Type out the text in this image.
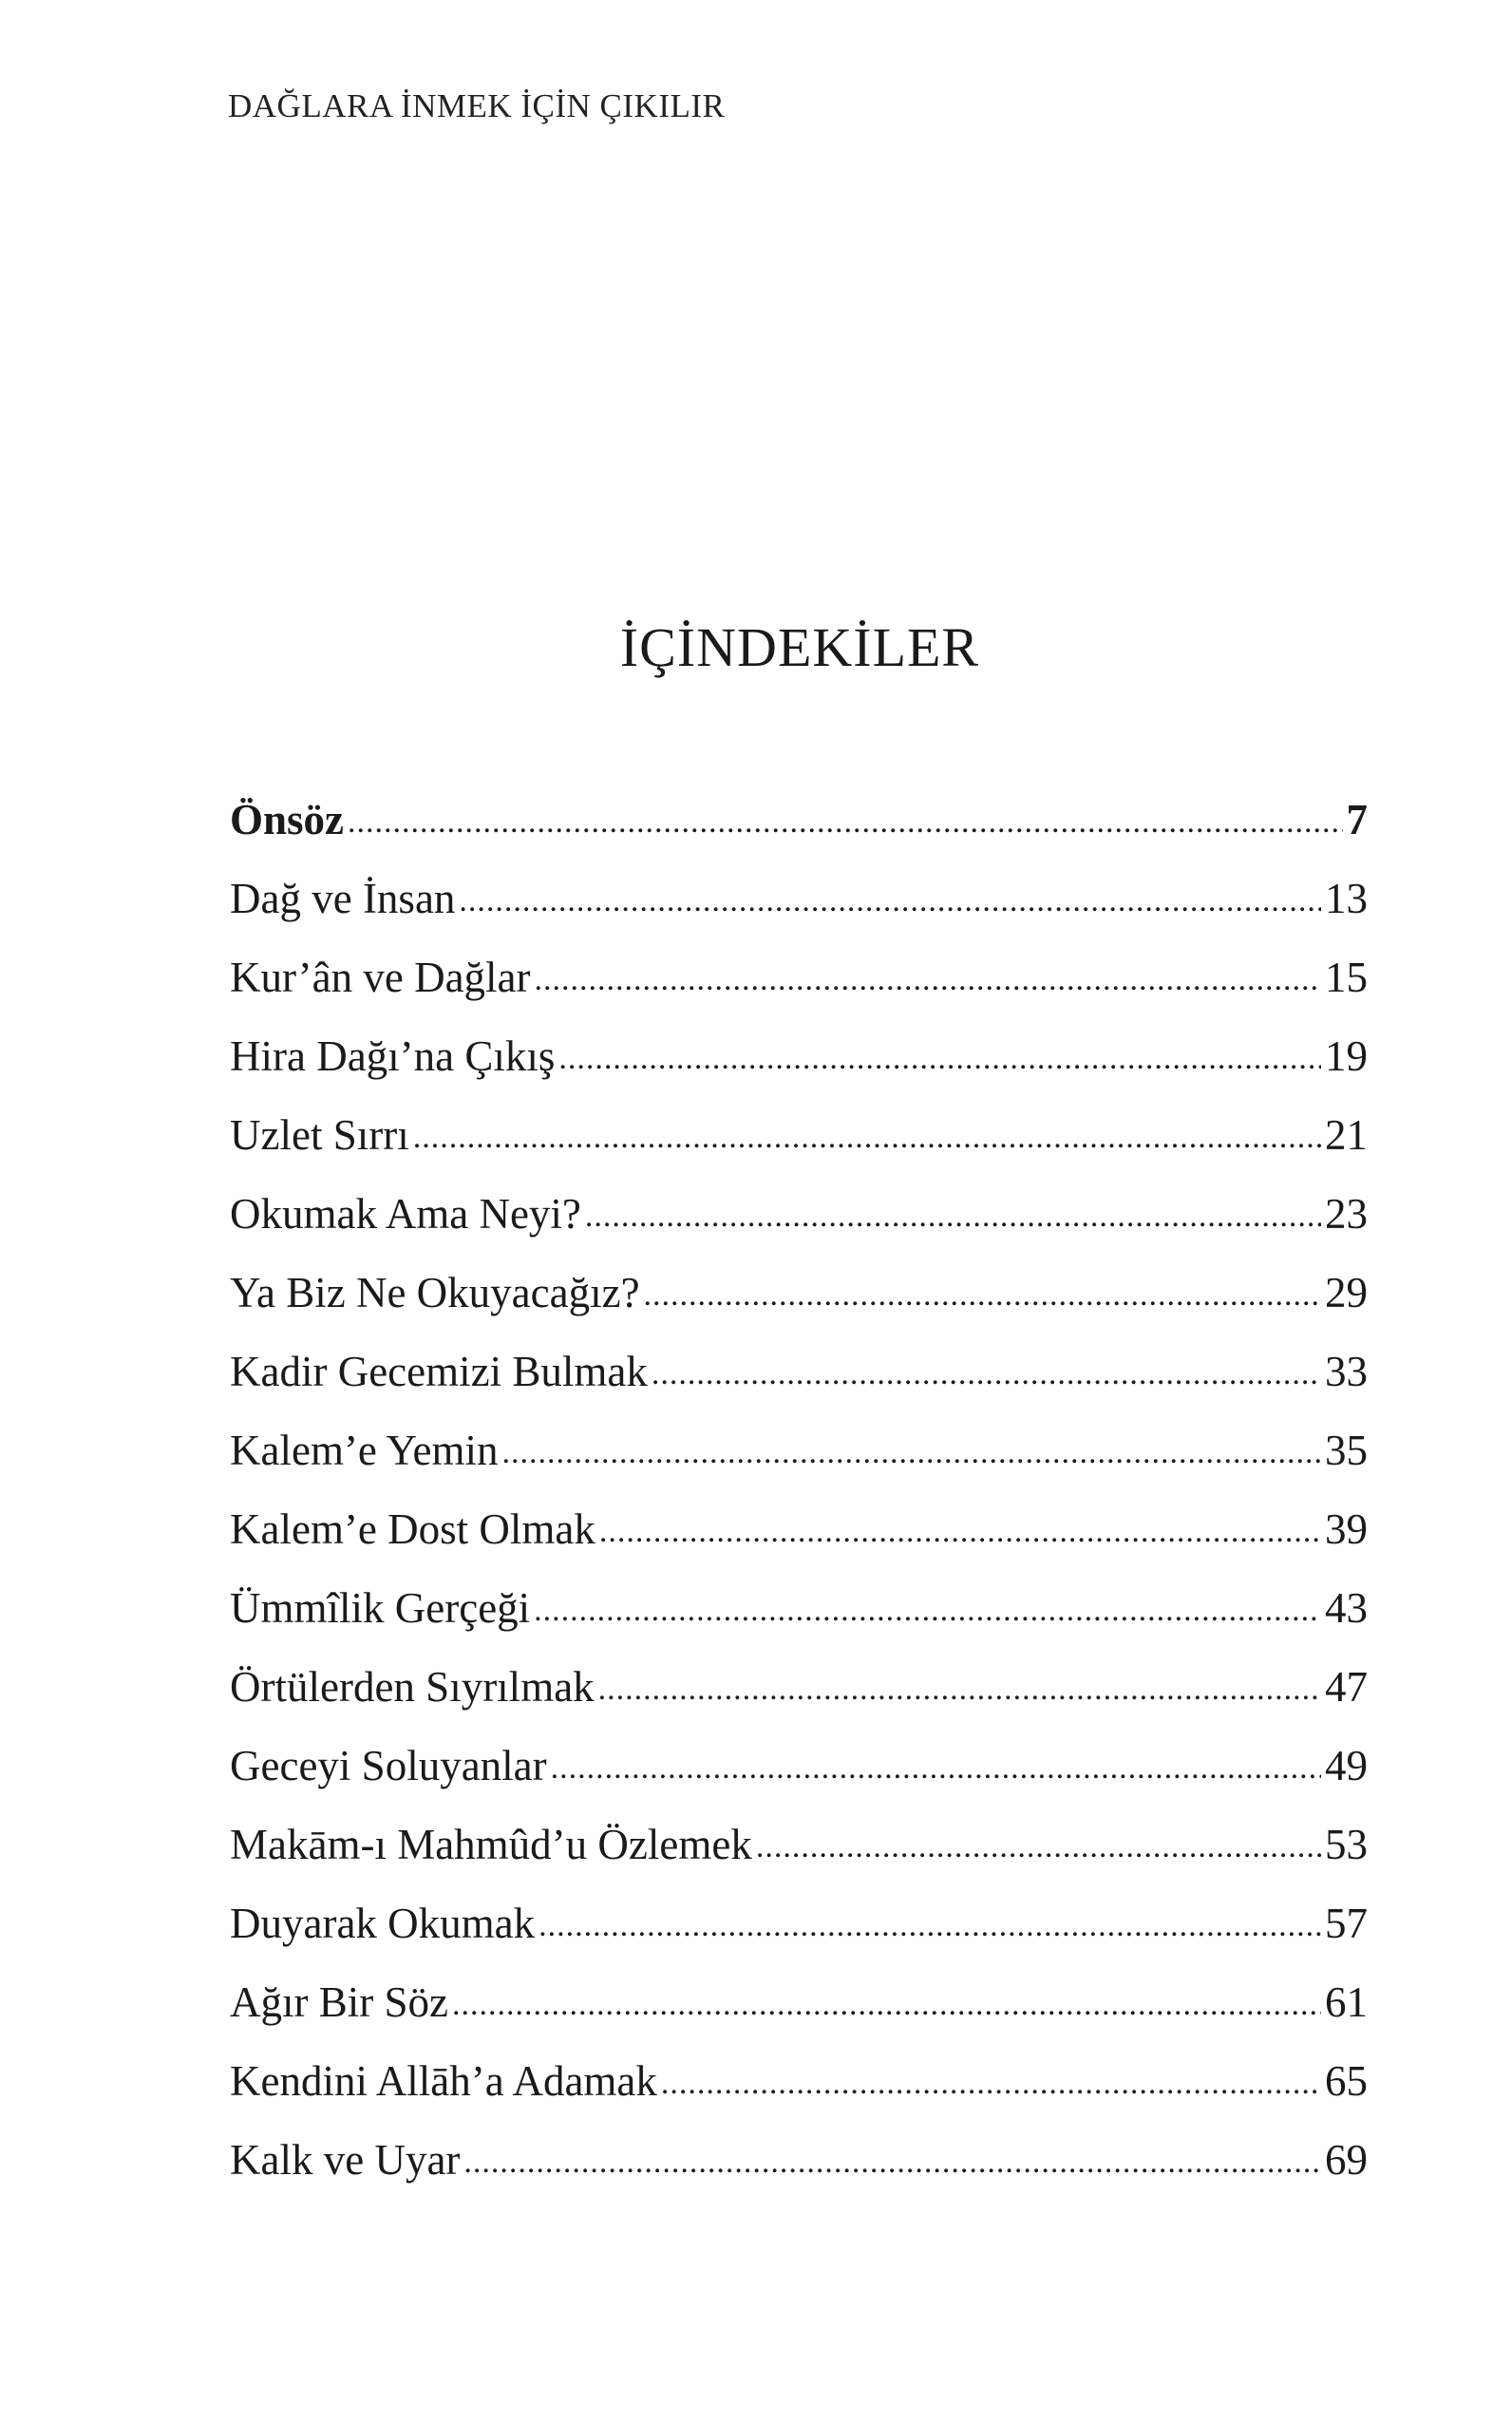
DAĞLARA İNMEK İÇİN ÇIKILIR
İÇİNDEKİLER
Önsöz .....	7
Dağ ve İnsan .....	13
Kur’ân ve Dağlar .....	15
Hira Dağı’na Çıkış .....	19
Uzlet Sırrı .....	21
Okumak Ama Neyi? .....	23
Ya Biz Ne Okuyacağız? .....	29
Kadir Gecemizi Bulmak .....	33
Kalem’e Yemin .....	35
Kalem’e Dost Olmak .....	39
Ümmîlik Gerçeği .....	43
Örtülerden Sıyrılmak .....	47
Geceyi Soluyanlar .....	49
Makām-ı Mahmûd’u Özlemek .....	53
Duyarak Okumak .....	57
Ağır Bir Söz .....	61
Kendini Allāh’a Adamak .....	65
Kalk ve Uyar .....	69
